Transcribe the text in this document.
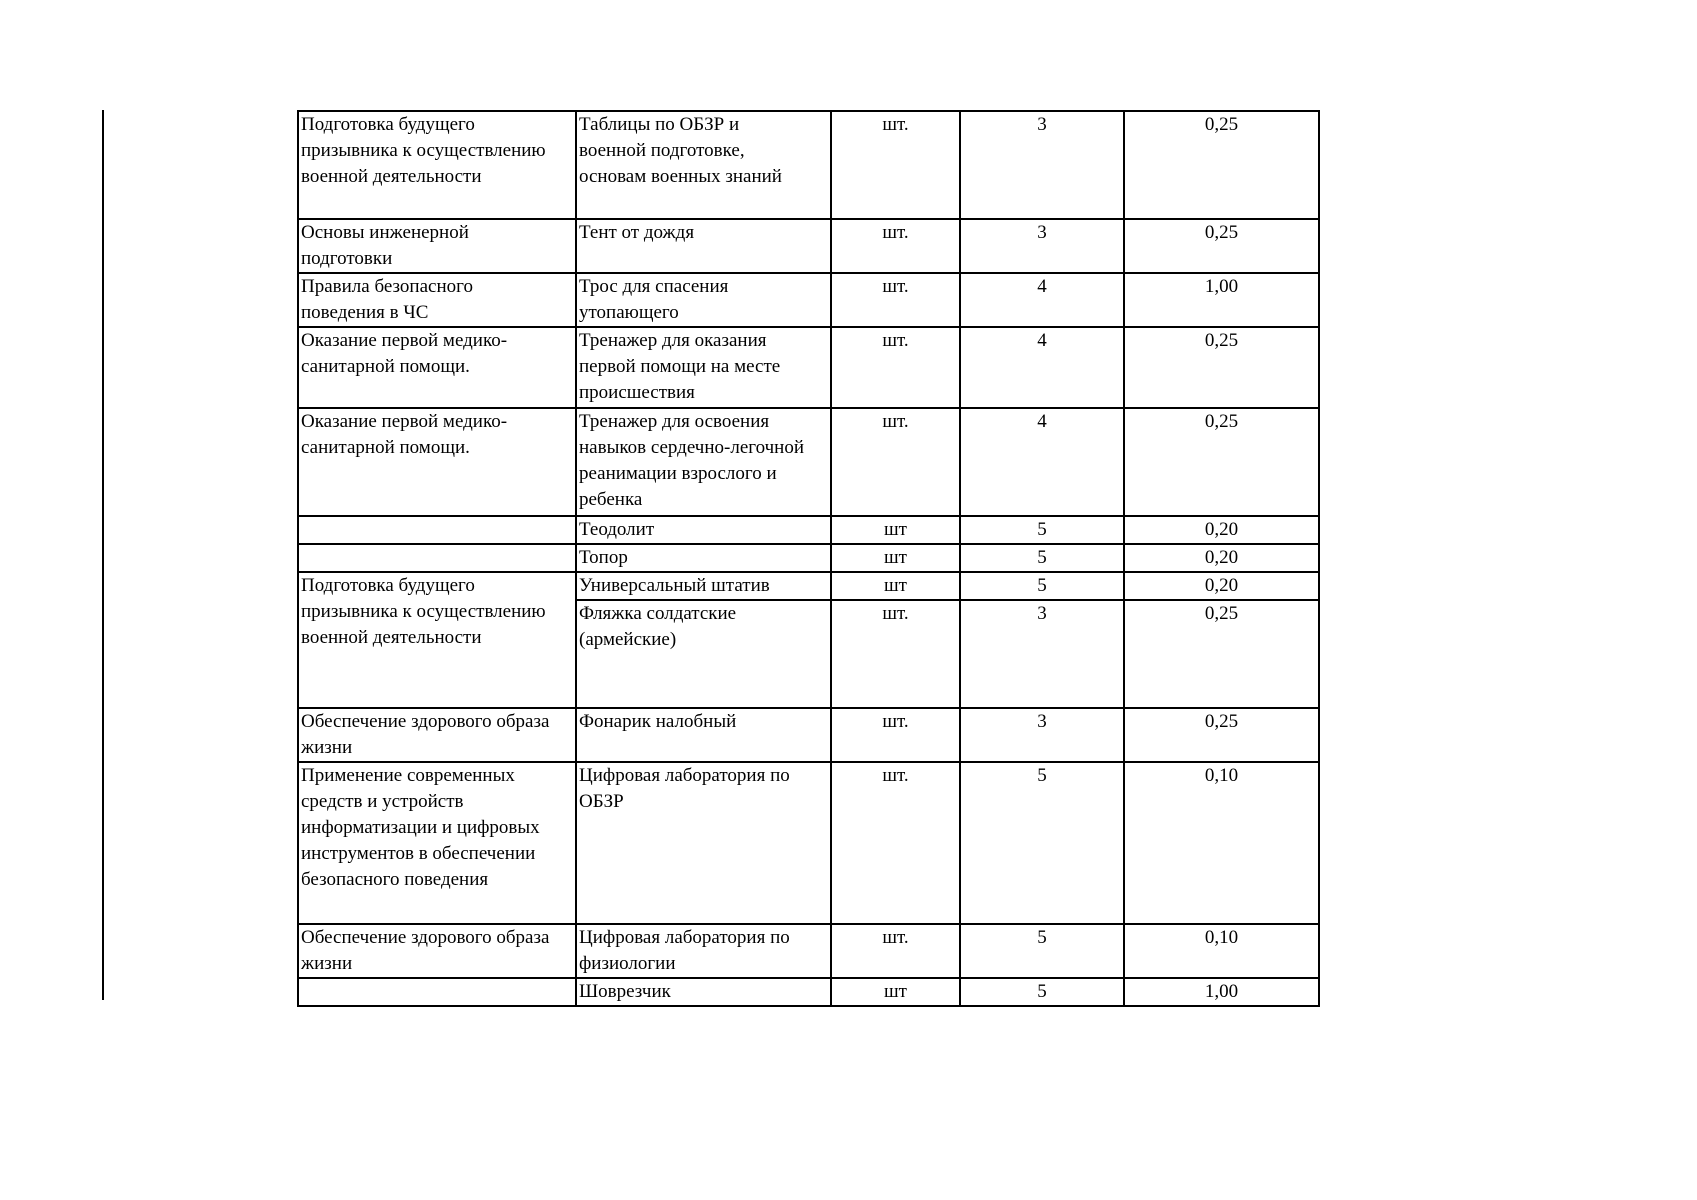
Подготовка будущего
призывника к осуществлению
военной деятельности	Таблицы по ОБЗР и
военной подготовке,
основам военных знаний	шт.	3	0,25
Основы инженерной
подготовки	Тент от дождя	шт.	3	0,25
Правила безопасного
поведения в ЧС	Трос для спасения
утопающего	шт.	4	1,00
Оказание первой медико-
санитарной помощи.	Тренажер для оказания
первой помощи на месте
происшествия	шт.	4	0,25
Оказание первой медико-
санитарной помощи.	Тренажер для освоения
навыков сердечно-легочной
реанимации взрослого и
ребенка	шт.	4	0,25
	Теодолит	шт	5	0,20
	Топор	шт	5	0,20
Подготовка будущего
призывника к осуществлению
военной деятельности	Универсальный штатив	шт	5	0,20
	Фляжка солдатские
(армейские)	шт.	3	0,25
Обеспечение здорового образа
жизни	Фонарик налобный	шт.	3	0,25
Применение современных
средств и устройств
информатизации и цифровых
инструментов в обеспечении
безопасного поведения	Цифровая лаборатория по
ОБЗР	шт.	5	0,10
Обеспечение здорового образа
жизни	Цифровая лаборатория по
физиологии	шт.	5	0,10
	Шоврезчик	шт	5	1,00
